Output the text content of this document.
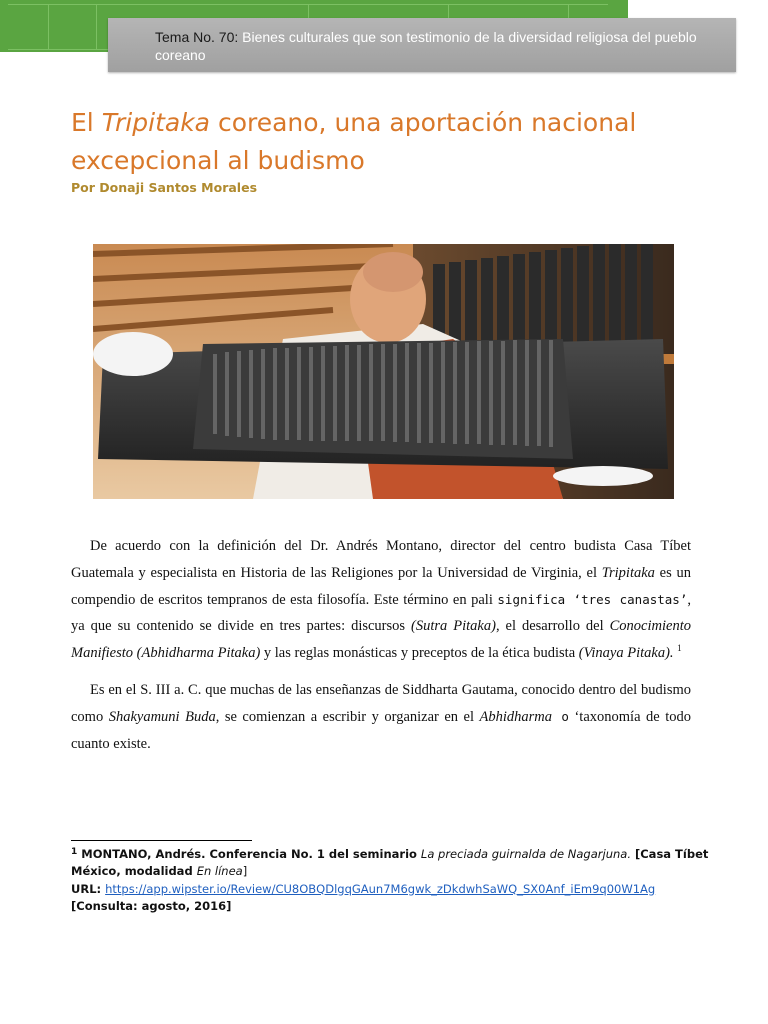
Tema No. 70: Bienes culturales que son testimonio de la diversidad religiosa del pueblo coreano
El Tripitaka coreano, una aportación nacional excepcional al budismo
Por Donaji Santos Morales

De acuerdo con la definición del Dr. Andrés Montano, director del centro budista Casa Tíbet Guatemala y especialista en Historia de las Religiones por la Universidad de Virginia, el Tripitaka es un compendio de escritos tempranos de esta filosofía. Este término en pali significa ‘tres canastas’, ya que su contenido se divide en tres partes: discursos (Sutra Pitaka), el desarrollo del Conocimiento Manifiesto (Abhidharma Pitaka) y las reglas monásticas y preceptos de la ética budista (Vinaya Pitaka). $^1$

Es en el S. III a. C. que muchas de las enseñanzas de Siddharta Gautama, conocido dentro del budismo como Shakyamuni Buda, se comienzan a escribir y organizar en el Abhidharma o ‘taxonomía de todo cuanto existe.

$^1$ MONTANO, Andrés. Conferencia No. 1 del seminario La preciada guirnalda de Nagarjuna. [Casa Tíbet México, modalidad En línea]
URL: https://app.wipster.io/Review/CU8OBQDlgqGAun7M6gwk_zDkdwhSaWQ_SX0Anf_iEm9q00W1Ag
[Consulta: agosto, 2016]
